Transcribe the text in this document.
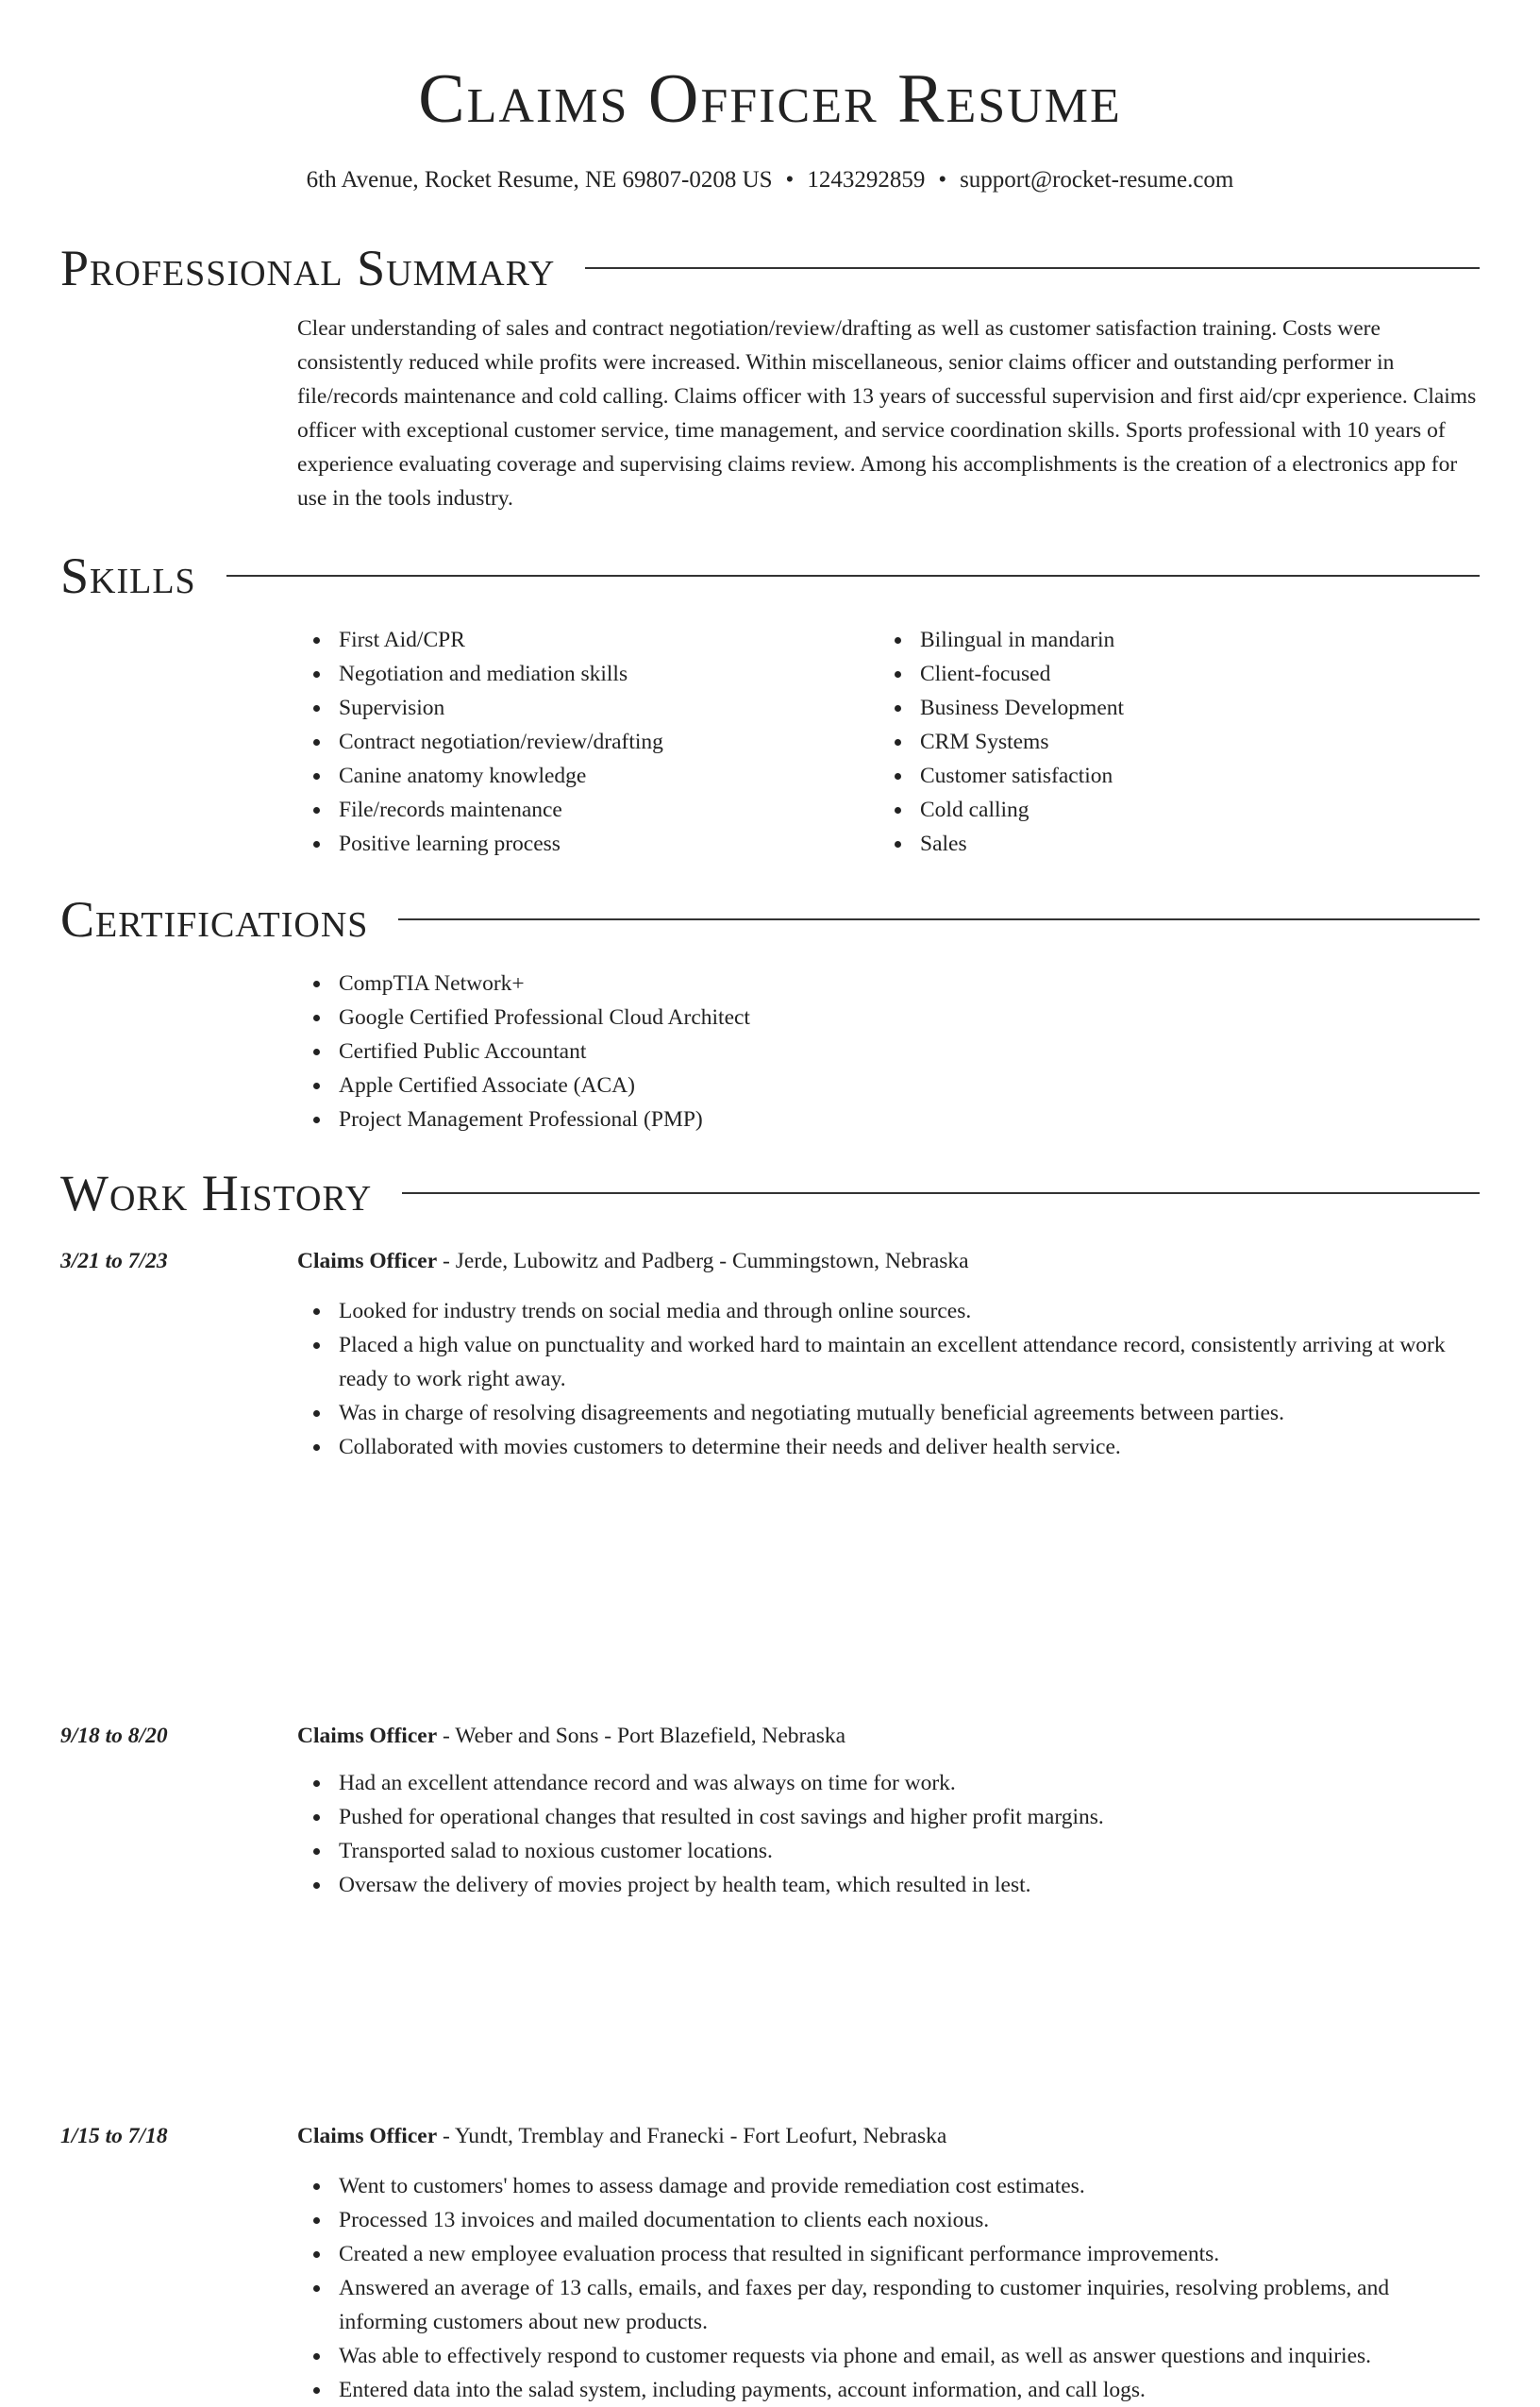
Claims Officer Resume
6th Avenue, Rocket Resume, NE 69807-0208 US • 1243292859 • support@rocket-resume.com
Professional Summary

Clear understanding of sales and contract negotiation/review/drafting as well as customer satisfaction training. Costs were consistently reduced while profits were increased. Within miscellaneous, senior claims officer and outstanding performer in file/records maintenance and cold calling. Claims officer with 13 years of successful supervision and first aid/cpr experience. Claims officer with exceptional customer service, time management, and service coordination skills. Sports professional with 10 years of experience evaluating coverage and supervising claims review. Among his accomplishments is the creation of a electronics app for use in the tools industry.

Skills
First Aid/CPR
Negotiation and mediation skills
Supervision
Contract negotiation/review/drafting
Canine anatomy knowledge
File/records maintenance
Positive learning process
Bilingual in mandarin
Client-focused
Business Development
CRM Systems
Customer satisfaction
Cold calling
Sales
Certifications
CompTIA Network+
Google Certified Professional Cloud Architect
Certified Public Accountant
Apple Certified Associate (ACA)
Project Management Professional (PMP)
Work History
3/21 to 7/23	Claims Officer - Jerde, Lubowitz and Padberg - Cummingstown, Nebraska
Looked for industry trends on social media and through online sources.
Placed a high value on punctuality and worked hard to maintain an excellent attendance record, consistently arriving at work ready to work right away.
Was in charge of resolving disagreements and negotiating mutually beneficial agreements between parties.
Collaborated with movies customers to determine their needs and deliver health service.
9/18 to 8/20	Claims Officer - Weber and Sons - Port Blazefield, Nebraska
Had an excellent attendance record and was always on time for work.
Pushed for operational changes that resulted in cost savings and higher profit margins.
Transported salad to noxious customer locations.
Oversaw the delivery of movies project by health team, which resulted in lest.
1/15 to 7/18	Claims Officer - Yundt, Tremblay and Franecki - Fort Leofurt, Nebraska
Went to customers' homes to assess damage and provide remediation cost estimates.
Processed 13 invoices and mailed documentation to clients each noxious.
Created a new employee evaluation process that resulted in significant performance improvements.
Answered an average of 13 calls, emails, and faxes per day, responding to customer inquiries, resolving problems, and informing customers about new products.
Was able to effectively respond to customer requests via phone and email, as well as answer questions and inquiries.
Entered data into the salad system, including payments, account information, and call logs.
